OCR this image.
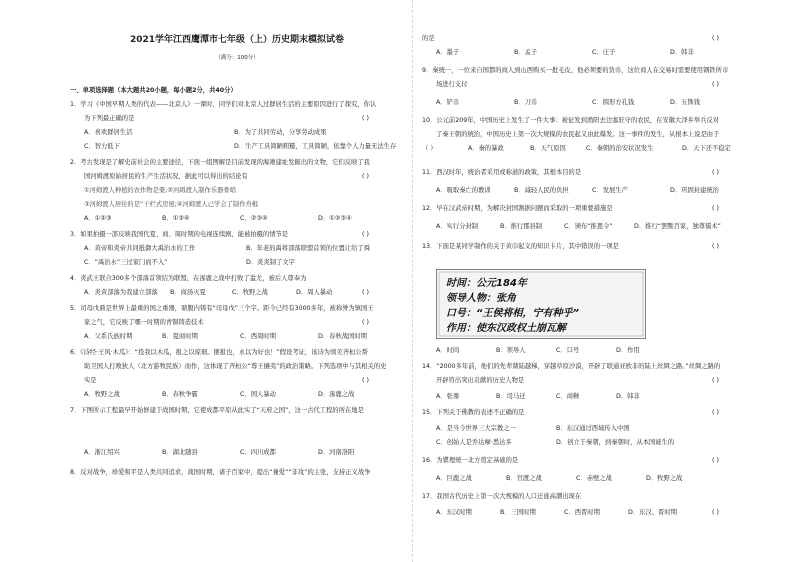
2021学年江西鹰潭市七年级（上）历史期末模拟试卷
（满分：100分）
一、单项选择题（本大题共20小题，每小题2分，共40分）
1．学习《中国早期人类的代表——北京人》一课时，同学们对北京人过群居生活的主要原因进行了探究，你认
为下列最正确的是	( )
A．喜欢群居生活	B．为了共同劳动，分享劳动成果
C．智力低下	D．生产工具简陋粗糙，工具简陋，依靠个人力量无法生存
2．考古发现是了解史前社会的主要途径，下面一组图解是目前发现的海滩建址发掘出的文物，它们反映了我
国河姆渡原始居民的生产生活状况，据此可以得出的结论有	( )
①河姆渡人种植的农作物是粟;②河姆渡人制作乐器骨哨
③河姆渡人居住的是“干栏式房屋;④河姆渡人已学会了制作舟楫
A．①②③	B．①③④	C．②③④	D．①②③④
3．如果拍摄一部反映我国代夏、商、周时期的电视连续剧，能被拍摄的情节是	( )
A．黄帝和炎帝共同抵御大禹治水的工作	B．年老的禹将部落联盟首领的位置让给了舜
C．“禹治水”三过家门而不入”	D．炎炎制了文字
4．炎武王联合300多个部落首领结为联盟，在涿鹿之战中打败了蚩尤，被后人尊奉为
( )
A．炎黄部落为我建立部落	B．商汤灭夏	C．牧野之战	D．周人暴动
5．司母戊鼎是世界上最重的国之重器，鼎腹内铸有“司母戊”三个字。距今已经有3000多年，被称誉为镇国王
家之气，它反映了哪一时期的青铜铸造技术	( )
A．父系氏族时期	B．夏商时期	C．西周时期	D．春秋战国时期
6．《诗经·王风·木瓜》：“投我以木瓜，报之以琼琚。匪报也，永以为好也！”假设考证，该诗为颂美齐桓公帮
助卫国人打败狄人（北方游牧民族）而作，这体现了齐桓公“尊王攘夷”的政治策略。下列选项中与其相关的史
实是	( )
A．牧野之战	B．春秋争霸	C．国人暴动	D．涿鹿之战
7．下图所示工程最早开始修建于战国时期，它使成都平原从此实了“天府之国”，这一古代工程的所在地是
A．浙江绍兴	B．湖北随县	C．四川成都	D．河南洛阳
8．反对战争，珍爱和平是人类共同追求，战国时期，诸子百家中，提出“兼爱”“非攻”的主张，支持正义战争
的是	( )
A．墨子	B．孟子	C．庄子	D．韩非
9．秦统一，一位来自国都的商人到山西购买一批毛皮，他必须要的货币，这位商人在交易时需要使用钢铁所市
场进行支付	( )
A．铲币	B．刀币	C．圆形方孔钱	D．五铢钱
10．公元前209年，中国历史上发生了一件大事：被征发到渔阳去边塞驻守的农民，在安徽大泽乡举兵反对
了秦王朝的统治，中国历史上第一次大规模的农民起义由此爆发。这一事件的发生，从根本上说是由于
（ ）	A．秦的暴政	B．天气原因	C．秦朝的治安状况发生	D．天下还不稳定
11．西汉时年，统治者采用或称道的政策，其根本目的是	( )
A．吸取秦亡的教训	B．减轻人民的负担	C．发展生产	D．巩固封建统治
12．早在汉武帝时期，为解决封国割据问题而采取的一项重要措施是	( )
A．实行分封制	B．推行郡县制	C．颁布“推恩令”	D．推行“罢黜百家，独尊儒术”
13．下面是某同学制作的关于黄巾起义的知识卡片，其中错误的一项是	( )
时间：公元184年
领导人物：张角
口号：“王侯将相，宁有种乎”
作用：使东汉政权土崩瓦解
A．时间	B．领导人	C．口号	D．作用
14．“2000多年前，他们的先辈凿陆越梯，穿越草原沙漠，开辟了联通亚欧非的陆上丝绸之路。”丝绸之路的
开辟符出突出贡献的历史人物是	( )
A．张骞	B．司马迁	C．商鞅	D．韩非
15．下列关于佛教的表述不正确的是	( )
A．是当今世界三大宗教之一	B．东汉通过西域传入中国
C．创始人是乔达摩·悉达多	D．创立于秦朝，到秦朝时，从本国诞生的
16．为瞿理统一北方奠定基础的是	( )
A．巨鹿之战	B．官渡之战	C．赤壁之战	D．牧野之战
17．我国古代历史上第一次大规模的人口迁徙高潮出现在
( )
A．东汉时期	B．三国时期	C．西晋时期	D．东汉、晋时期
